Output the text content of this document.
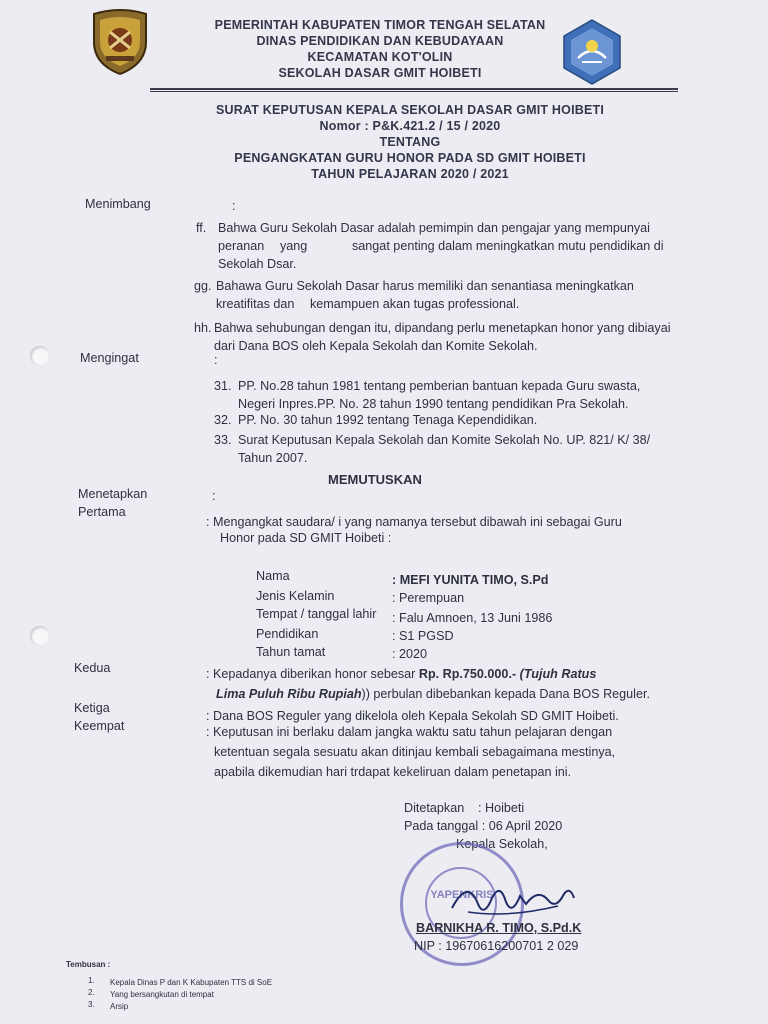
PEMERINTAH KABUPATEN TIMOR TENGAH SELATAN
DINAS PENDIDIKAN DAN KEBUDAYAAN
KECAMATAN KOT'OLIN
SEKOLAH DASAR GMIT HOIBETI
SURAT KEPUTUSAN KEPALA SEKOLAH DASAR GMIT HOIBETI
Nomor : P&K.421.2 / 15 / 2020
TENTANG
PENGANGKATAN GURU HONOR PADA SD GMIT HOIBETI
TAHUN PELAJARAN 2020 / 2021
Menimbang	:
ff. Bahwa Guru Sekolah Dasar adalah pemimpin dan pengajar yang mempunyai
peranan yang	sangat penting dalam meningkatkan mutu pendidikan di
Sekolah Dsar.
gg. Bahawa Guru Sekolah Dasar harus memiliki dan senantiasa meningkatkan
kreatifitas dan kemampuen akan tugas professional.
hh. Bahwa sehubungan dengan itu, dipandang perlu menetapkan honor yang dibiayai
dari Dana BOS oleh Kepala Sekolah dan Komite Sekolah.
Mengingat	:
31. PP. No.28 tahun 1981 tentang pemberian bantuan kepada Guru swasta,
Negeri Inpres.PP. No. 28 tahun 1990 tentang pendidikan Pra Sekolah.
32. PP. No. 30 tahun 1992 tentang Tenaga Kependidikan.
33. Surat Keputusan Kepala Sekolah dan Komite Sekolah No. UP. 821/ K/ 38/
Tahun 2007.
MEMUTUSKAN
Menetapkan	:
Pertama
: Mengangkat saudara/ i yang namanya tersebut dibawah ini sebagai Guru
Honor pada SD GMIT Hoibeti :
Nama	: MEFI YUNITA TIMO, S.Pd
Jenis Kelamin	: Perempuan
Tempat / tanggal lahir : Falu Amnoen, 13 Juni 1986
Pendidikan	: S1 PGSD
Tahun tamat	: 2020
Kedua	: Kepadanya diberikan honor sebesar Rp. Rp.750.000.- (Tujuh Ratus
Lima Puluh Ribu Rupiah)) perbulan dibebankan kepada Dana BOS Reguler.
Ketiga
: Dana BOS Reguler yang dikelola oleh Kepala Sekolah SD GMIT Hoibeti.
Keempat	: Keputusan ini berlaku dalam jangka waktu satu tahun pelajaran dengan
ketentuan segala sesuatu akan ditinjau kembali sebagaimana mestinya,
apabila dikemudian hari trdapat kekeliruan dalam penetapan ini.
Ditetapkan : Hoibeti
Pada tanggal : 06 April 2020
Kepala Sekolah,
YAPENKRIS
BARNIKHA R. TIMO, S.Pd.K
NIP : 19670616200701 2 029
Tembusan :
1. Kepala Dinas P dan K Kabupaten TTS di SoE
2. Yang bersangkutan di tempat
3. Arsip
